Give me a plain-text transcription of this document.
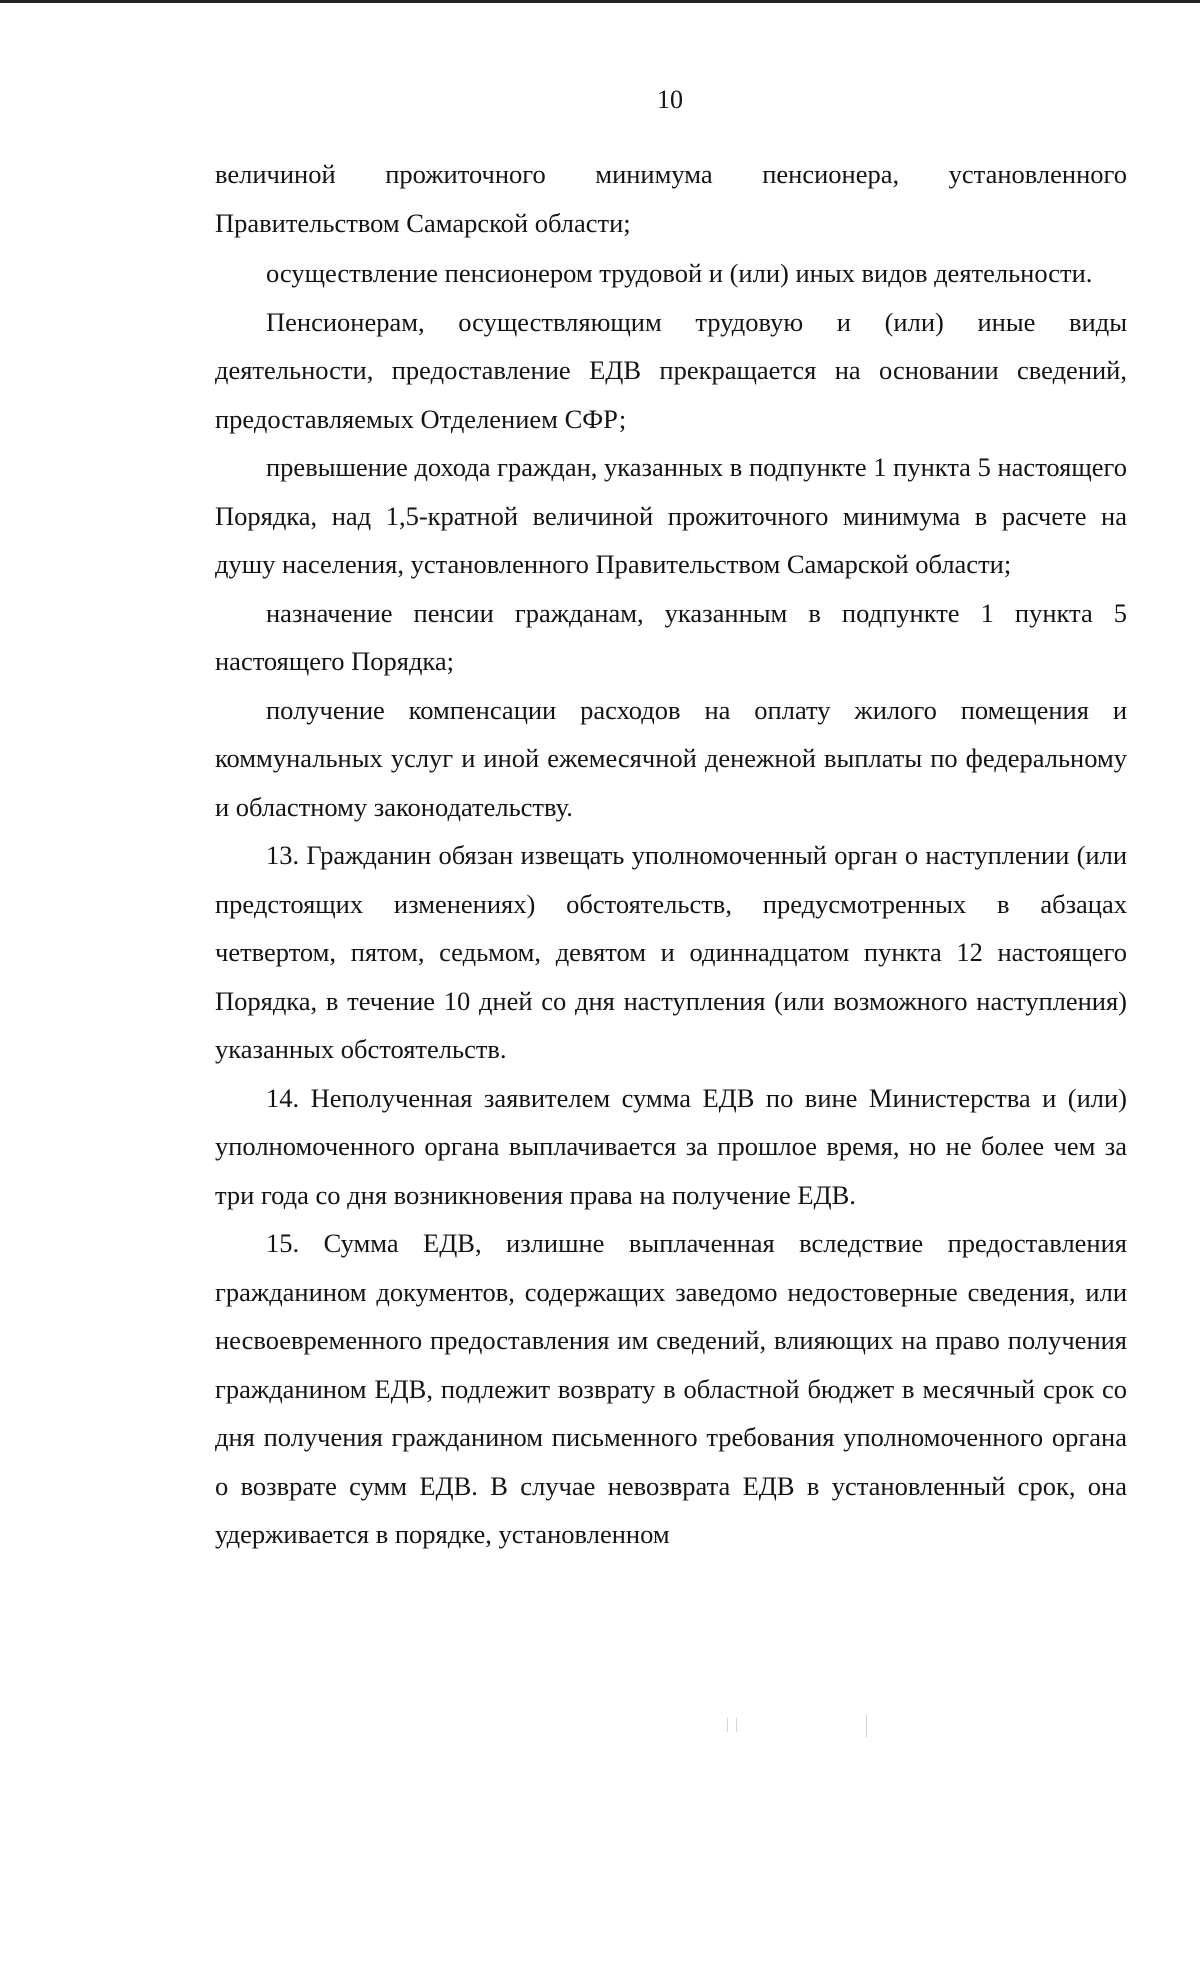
10

величиной прожиточного минимума пенсионера, установленного Правительством Самарской области;

осуществление пенсионером трудовой и (или) иных видов деятельности.

Пенсионерам, осуществляющим трудовую и (или) иные виды деятельности, предоставление ЕДВ прекращается на основании сведений, предоставляемых Отделением СФР;

превышение дохода граждан, указанных в подпункте 1 пункта 5 настоящего Порядка, над 1,5-кратной величиной прожиточного минимума в расчете на душу населения, установленного Правительством Самарской области;

назначение пенсии гражданам, указанным в подпункте 1 пункта 5 настоящего Порядка;

получение компенсации расходов на оплату жилого помещения и коммунальных услуг и иной ежемесячной денежной выплаты по федеральному и областному законодательству.

13. Гражданин обязан извещать уполномоченный орган о наступлении (или предстоящих изменениях) обстоятельств, предусмотренных в абзацах четвертом, пятом, седьмом, девятом и одиннадцатом пункта 12 настоящего Порядка, в течение 10 дней со дня наступления (или возможного наступления) указанных обстоятельств.

14. Неполученная заявителем сумма ЕДВ по вине Министерства и (или) уполномоченного органа выплачивается за прошлое время, но не более чем за три года со дня возникновения права на получение ЕДВ.

15. Сумма ЕДВ, излишне выплаченная вследствие предоставления гражданином документов, содержащих заведомо недостоверные сведения, или несвоевременного предоставления им сведений, влияющих на право получения гражданином ЕДВ, подлежит возврату в областной бюджет в месячный срок со дня получения гражданином письменного требования уполномоченного органа о возврате сумм ЕДВ. В случае невозврата ЕДВ в установленный срок, она удерживается в порядке, установленном
